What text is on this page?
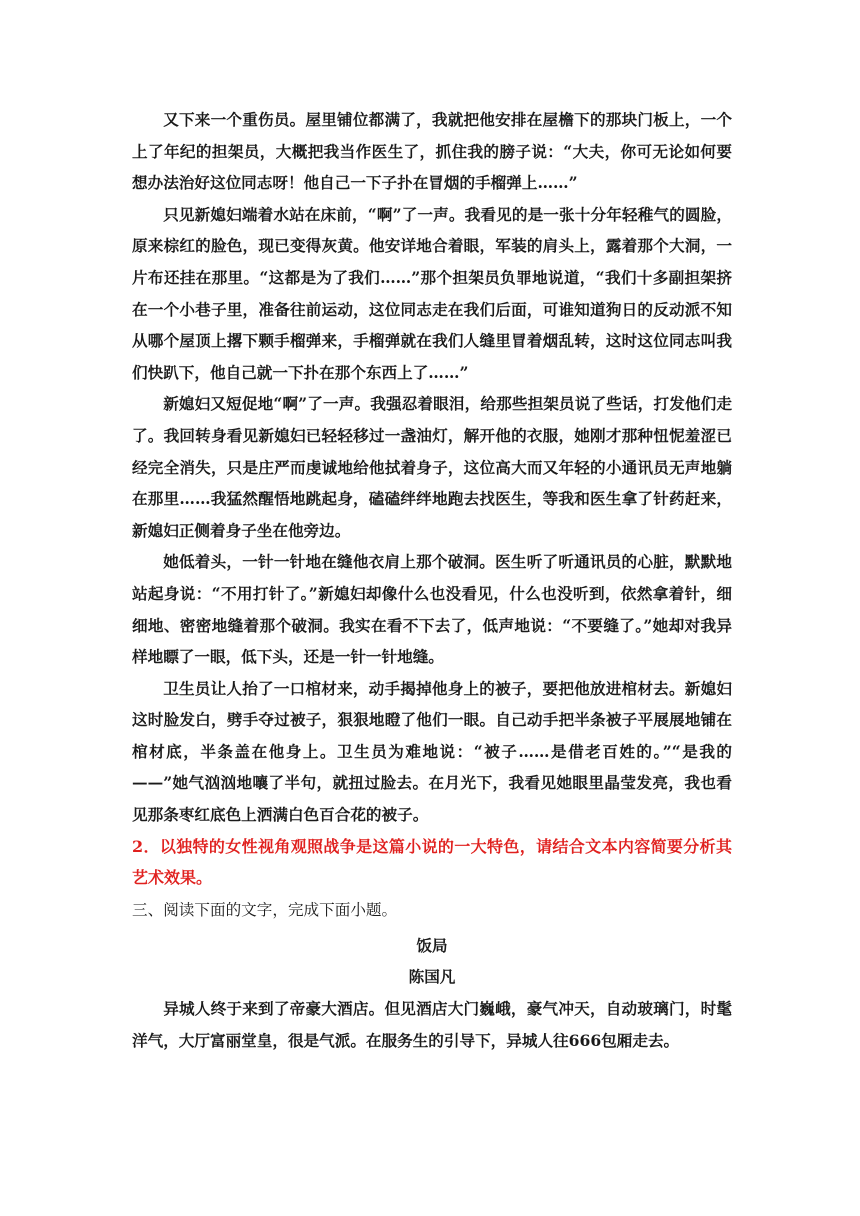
又下来一个重伤员。屋里铺位都满了，我就把他安排在屋檐下的那块门板上，一个上了年纪的担架员，大概把我当作医生了，抓住我的膀子说：“大夫，你可无论如何要想办法治好这位同志呀！他自己一下子扑在冒烟的手榴弹上……”

只见新媳妇端着水站在床前，“啊”了一声。我看见的是一张十分年轻稚气的圆脸，原来棕红的脸色，现已变得灰黄。他安详地合着眼，军装的肩头上，露着那个大洞，一片布还挂在那里。“这都是为了我们……”那个担架员负罪地说道，“我们十多副担架挤在一个小巷子里，准备往前运动，这位同志走在我们后面，可谁知道狗日的反动派不知从哪个屋顶上撂下颗手榴弹来，手榴弹就在我们人缝里冒着烟乱转，这时这位同志叫我们快趴下，他自己就一下扑在那个东西上了……”

新媳妇又短促地“啊”了一声。我强忍着眼泪，给那些担架员说了些话，打发他们走了。我回转身看见新媳妇已轻轻移过一盏油灯，解开他的衣服，她刚才那种忸怩羞涩已经完全消失，只是庄严而虔诚地给他拭着身子，这位高大而又年轻的小通讯员无声地躺在那里……我猛然醒悟地跳起身，磕磕绊绊地跑去找医生，等我和医生拿了针药赶来，新媳妇正侧着身子坐在他旁边。

她低着头，一针一针地在缝他衣肩上那个破洞。医生听了听通讯员的心脏，默默地站起身说：“不用打针了。”新媳妇却像什么也没看见，什么也没听到，依然拿着针，细细地、密密地缝着那个破洞。我实在看不下去了，低声地说：“不要缝了。”她却对我异样地瞟了一眼，低下头，还是一针一针地缝。

卫生员让人抬了一口棺材来，动手揭掉他身上的被子，要把他放进棺材去。新媳妇这时脸发白，劈手夺过被子，狠狠地瞪了他们一眼。自己动手把半条被子平展展地铺在棺材底，半条盖在他身上。卫生员为难地说：“被子……是借老百姓的。”“是我的——”她气汹汹地嚷了半句，就扭过脸去。在月光下，我看见她眼里晶莹发亮，我也看见那条枣红底色上洒满白色百合花的被子。

2．以独特的女性视角观照战争是这篇小说的一大特色，请结合文本内容简要分析其艺术效果。

三、阅读下面的文字，完成下面小题。

饭局

陈国凡

异城人终于来到了帝豪大酒店。但见酒店大门巍峨，豪气冲天，自动玻璃门，时髦洋气，大厅富丽堂皇，很是气派。在服务生的引导下，异城人往666包厢走去。
